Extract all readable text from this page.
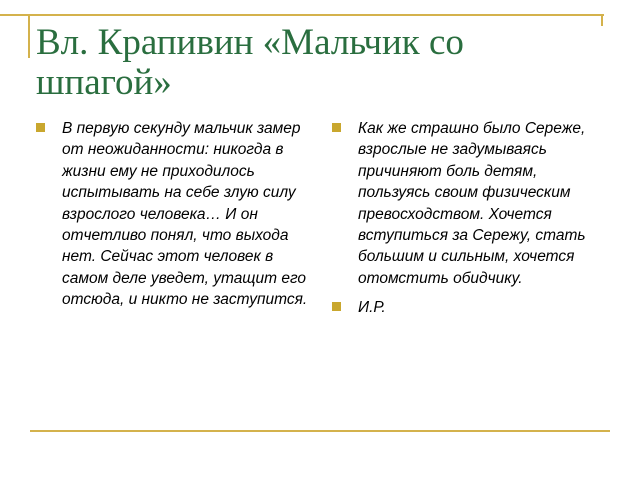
Вл. Крапивин «Мальчик со шпагой»
В первую секунду мальчик замер от неожиданности: никогда в жизни ему не приходилось испытывать на себе злую силу взрослого человека… И он отчетливо понял, что выхода нет. Сейчас этот человек в самом деле уведет, утащит его отсюда, и никто не заступится.
Как же страшно было Сереже, взрослые не задумываясь причиняют боль детям, пользуясь своим физическим превосходством. Хочется вступиться за Сережу, стать большим и сильным, хочется отомстить обидчику.
И.Р.
